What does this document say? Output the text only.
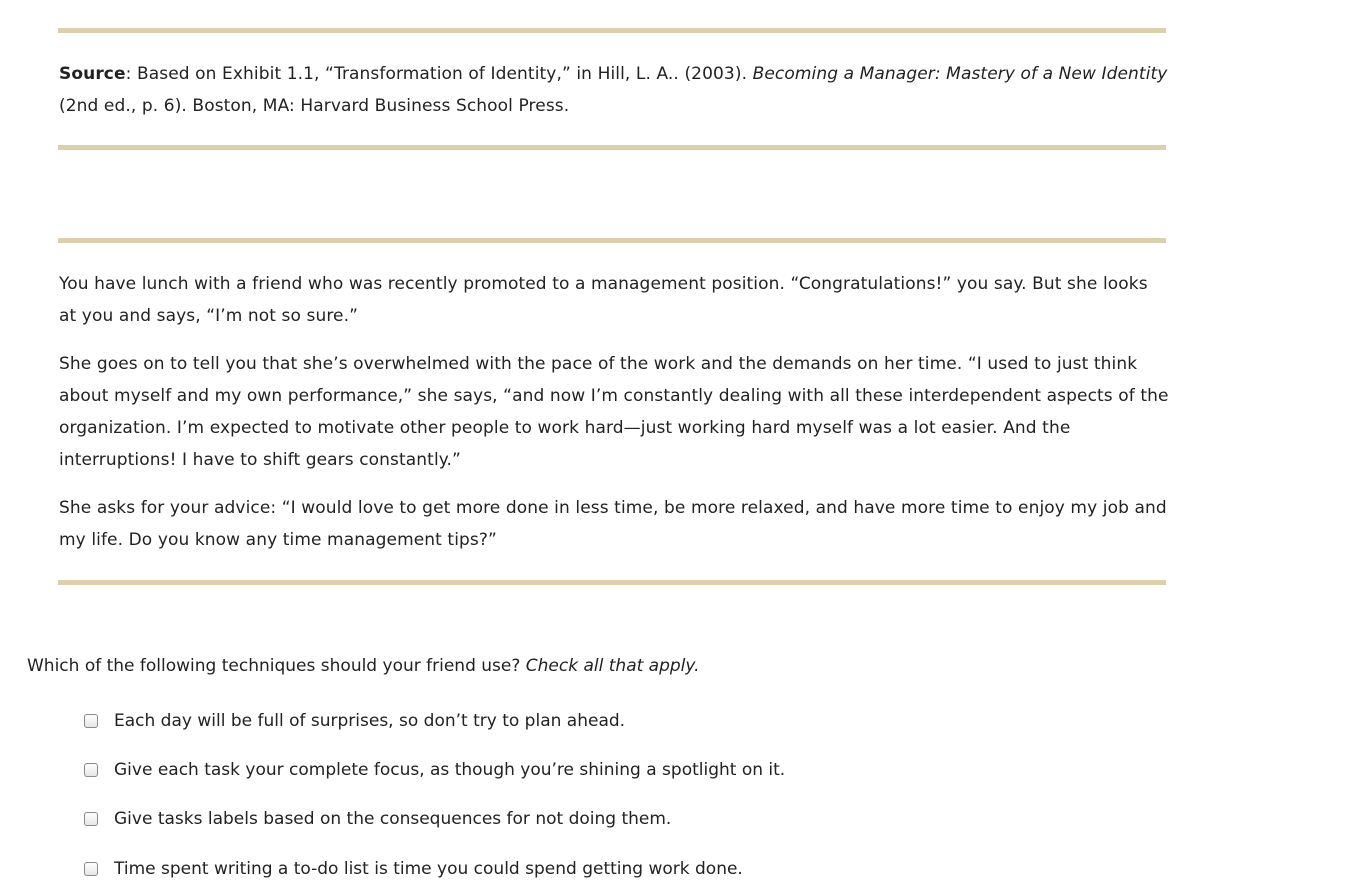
Source: Based on Exhibit 1.1, “Transformation of Identity,” in Hill, L. A.. (2003). Becoming a Manager: Mastery of a New Identity (2nd ed., p. 6). Boston, MA: Harvard Business School Press.

You have lunch with a friend who was recently promoted to a management position. “Congratulations!” you say. But she looks at you and says, “I’m not so sure.”

She goes on to tell you that she’s overwhelmed with the pace of the work and the demands on her time. “I used to just think about myself and my own performance,” she says, “and now I’m constantly dealing with all these interdependent aspects of the organization. I’m expected to motivate other people to work hard—just working hard myself was a lot easier. And the interruptions! I have to shift gears constantly.”

She asks for your advice: “I would love to get more done in less time, be more relaxed, and have more time to enjoy my job and my life. Do you know any time management tips?”

Which of the following techniques should your friend use? Check all that apply.
Each day will be full of surprises, so don’t try to plan ahead.
Give each task your complete focus, as though you’re shining a spotlight on it.
Give tasks labels based on the consequences for not doing them.
Time spent writing a to-do list is time you could spend getting work done.
